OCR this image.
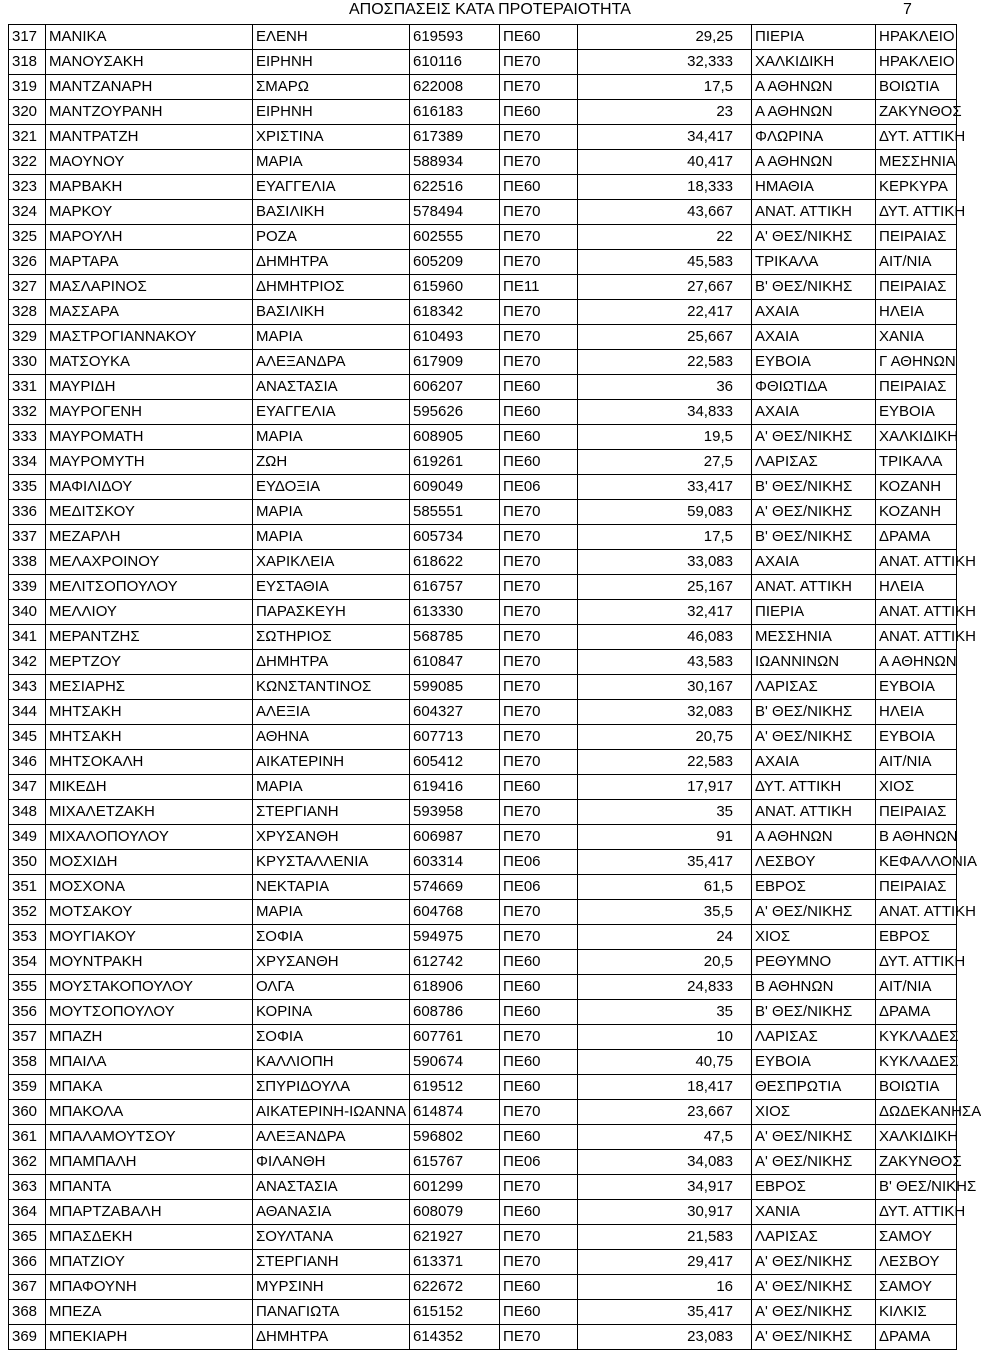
ΑΠΟΣΠΑΣΕΙΣ ΚΑΤΑ ΠΡΟΤΕΡΑΙΟΤΗΤΑ	7
317	ΜΑΝΙΚΑ	ΕΛΕΝΗ	619593	ΠΕ60	29,25	ΠΙΕΡΙΑ	ΗΡΑΚΛΕΙΟ
318	ΜΑΝΟΥΣΑΚΗ	ΕΙΡΗΝΗ	610116	ΠΕ70	32,333	ΧΑΛΚΙΔΙΚΗ	ΗΡΑΚΛΕΙΟ
319	ΜΑΝΤΖΑΝΑΡΗ	ΣΜΑΡΩ	622008	ΠΕ70	17,5	Α ΑΘΗΝΩΝ	ΒΟΙΩΤΙΑ
320	ΜΑΝΤΖΟΥΡΑΝΗ	ΕΙΡΗΝΗ	616183	ΠΕ60	23	Α ΑΘΗΝΩΝ	ΖΑΚΥΝΘΟΣ
321	ΜΑΝΤΡΑΤΖΗ	ΧΡΙΣΤΙΝΑ	617389	ΠΕ70	34,417	ΦΛΩΡΙΝΑ	ΔΥΤ. ΑΤΤΙΚΗ
322	ΜΑΟΥΝΟΥ	ΜΑΡΙΑ	588934	ΠΕ70	40,417	Α ΑΘΗΝΩΝ	ΜΕΣΣΗΝΙΑ
323	ΜΑΡΒΑΚΗ	ΕΥΑΓΓΕΛΙΑ	622516	ΠΕ60	18,333	ΗΜΑΘΙΑ	ΚΕΡΚΥΡΑ
324	ΜΑΡΚΟΥ	ΒΑΣΙΛΙΚΗ	578494	ΠΕ70	43,667	ΑΝΑΤ. ΑΤΤΙΚΗ	ΔΥΤ. ΑΤΤΙΚΗ
325	ΜΑΡΟΥΛΗ	ΡΟΖΑ	602555	ΠΕ70	22	Α' ΘΕΣ/ΝΙΚΗΣ	ΠΕΙΡΑΙΑΣ
326	ΜΑΡΤΑΡΑ	ΔΗΜΗΤΡΑ	605209	ΠΕ70	45,583	ΤΡΙΚΑΛΑ	ΑΙΤ/ΝΙΑ
327	ΜΑΣΛΑΡΙΝΟΣ	ΔΗΜΗΤΡΙΟΣ	615960	ΠΕ11	27,667	Β' ΘΕΣ/ΝΙΚΗΣ	ΠΕΙΡΑΙΑΣ
328	ΜΑΣΣΑΡΑ	ΒΑΣΙΛΙΚΗ	618342	ΠΕ70	22,417	ΑΧΑΙΑ	ΗΛΕΙΑ
329	ΜΑΣΤΡΟΓΙΑΝΝΑΚΟΥ	ΜΑΡΙΑ	610493	ΠΕ70	25,667	ΑΧΑΙΑ	ΧΑΝΙΑ
330	ΜΑΤΣΟΥΚΑ	ΑΛΕΞΑΝΔΡΑ	617909	ΠΕ70	22,583	ΕΥΒΟΙΑ	Γ ΑΘΗΝΩΝ
331	ΜΑΥΡΙΔΗ	ΑΝΑΣΤΑΣΙΑ	606207	ΠΕ60	36	ΦΘΙΩΤΙΔΑ	ΠΕΙΡΑΙΑΣ
332	ΜΑΥΡΟΓΕΝΗ	ΕΥΑΓΓΕΛΙΑ	595626	ΠΕ60	34,833	ΑΧΑΙΑ	ΕΥΒΟΙΑ
333	ΜΑΥΡΟΜΑΤΗ	ΜΑΡΙΑ	608905	ΠΕ60	19,5	Α' ΘΕΣ/ΝΙΚΗΣ	ΧΑΛΚΙΔΙΚΗ
334	ΜΑΥΡΟΜΥΤΗ	ΖΩΗ	619261	ΠΕ60	27,5	ΛΑΡΙΣΑΣ	ΤΡΙΚΑΛΑ
335	ΜΑΦΙΛΙΔΟΥ	ΕΥΔΟΞΙΑ	609049	ΠΕ06	33,417	Β' ΘΕΣ/ΝΙΚΗΣ	ΚΟΖΑΝΗ
336	ΜΕΔΙΤΣΚΟΥ	ΜΑΡΙΑ	585551	ΠΕ70	59,083	Α' ΘΕΣ/ΝΙΚΗΣ	ΚΟΖΑΝΗ
337	ΜΕΖΑΡΛΗ	ΜΑΡΙΑ	605734	ΠΕ70	17,5	Β' ΘΕΣ/ΝΙΚΗΣ	ΔΡΑΜΑ
338	ΜΕΛΑΧΡΟΙΝΟΥ	ΧΑΡΙΚΛΕΙΑ	618622	ΠΕ70	33,083	ΑΧΑΙΑ	ΑΝΑΤ. ΑΤΤΙΚΗ
339	ΜΕΛΙΤΣΟΠΟΥΛΟΥ	ΕΥΣΤΑΘΙΑ	616757	ΠΕ70	25,167	ΑΝΑΤ. ΑΤΤΙΚΗ	ΗΛΕΙΑ
340	ΜΕΛΛΙΟΥ	ΠΑΡΑΣΚΕΥΗ	613330	ΠΕ70	32,417	ΠΙΕΡΙΑ	ΑΝΑΤ. ΑΤΤΙΚΗ
341	ΜΕΡΑΝΤΖΗΣ	ΣΩΤΗΡΙΟΣ	568785	ΠΕ70	46,083	ΜΕΣΣΗΝΙΑ	ΑΝΑΤ. ΑΤΤΙΚΗ
342	ΜΕΡΤΖΟΥ	ΔΗΜΗΤΡΑ	610847	ΠΕ70	43,583	ΙΩΑΝΝΙΝΩΝ	Α ΑΘΗΝΩΝ
343	ΜΕΣΙΑΡΗΣ	ΚΩΝΣΤΑΝΤΙΝΟΣ	599085	ΠΕ70	30,167	ΛΑΡΙΣΑΣ	ΕΥΒΟΙΑ
344	ΜΗΤΣΑΚΗ	ΑΛΕΞΙΑ	604327	ΠΕ70	32,083	Β' ΘΕΣ/ΝΙΚΗΣ	ΗΛΕΙΑ
345	ΜΗΤΣΑΚΗ	ΑΘΗΝΑ	607713	ΠΕ70	20,75	Α' ΘΕΣ/ΝΙΚΗΣ	ΕΥΒΟΙΑ
346	ΜΗΤΣΟΚΑΛΗ	ΑΙΚΑΤΕΡΙΝΗ	605412	ΠΕ70	22,583	ΑΧΑΙΑ	ΑΙΤ/ΝΙΑ
347	ΜΙΚΕΔΗ	ΜΑΡΙΑ	619416	ΠΕ60	17,917	ΔΥΤ. ΑΤΤΙΚΗ	ΧΙΟΣ
348	ΜΙΧΑΛΕΤΖΑΚΗ	ΣΤΕΡΓΙΑΝΗ	593958	ΠΕ70	35	ΑΝΑΤ. ΑΤΤΙΚΗ	ΠΕΙΡΑΙΑΣ
349	ΜΙΧΑΛΟΠΟΥΛΟΥ	ΧΡΥΣΑΝΘΗ	606987	ΠΕ70	91	Α ΑΘΗΝΩΝ	Β ΑΘΗΝΩΝ
350	ΜΟΣΧΙΔΗ	ΚΡΥΣΤΑΛΛΕΝΙΑ	603314	ΠΕ06	35,417	ΛΕΣΒΟΥ	ΚΕΦΑΛΛΟΝΙΑ
351	ΜΟΣΧΟΝΑ	ΝΕΚΤΑΡΙΑ	574669	ΠΕ06	61,5	ΕΒΡΟΣ	ΠΕΙΡΑΙΑΣ
352	ΜΟΤΣΑΚΟΥ	ΜΑΡΙΑ	604768	ΠΕ70	35,5	Α' ΘΕΣ/ΝΙΚΗΣ	ΑΝΑΤ. ΑΤΤΙΚΗ
353	ΜΟΥΓΙΑΚΟΥ	ΣΟΦΙΑ	594975	ΠΕ70	24	ΧΙΟΣ	ΕΒΡΟΣ
354	ΜΟΥΝΤΡΑΚΗ	ΧΡΥΣΑΝΘΗ	612742	ΠΕ60	20,5	ΡΕΘΥΜΝΟ	ΔΥΤ. ΑΤΤΙΚΗ
355	ΜΟΥΣΤΑΚΟΠΟΥΛΟΥ	ΟΛΓΑ	618906	ΠΕ60	24,833	Β ΑΘΗΝΩΝ	ΑΙΤ/ΝΙΑ
356	ΜΟΥΤΣΟΠΟΥΛΟΥ	ΚΟΡΙΝΑ	608786	ΠΕ60	35	Β' ΘΕΣ/ΝΙΚΗΣ	ΔΡΑΜΑ
357	ΜΠΑΖΗ	ΣΟΦΙΑ	607761	ΠΕ70	10	ΛΑΡΙΣΑΣ	ΚΥΚΛΑΔΕΣ
358	ΜΠΑΙΛΑ	ΚΑΛΛΙΟΠΗ	590674	ΠΕ60	40,75	ΕΥΒΟΙΑ	ΚΥΚΛΑΔΕΣ
359	ΜΠΑΚΑ	ΣΠΥΡΙΔΟΥΛΑ	619512	ΠΕ60	18,417	ΘΕΣΠΡΩΤΙΑ	ΒΟΙΩΤΙΑ
360	ΜΠΑΚΟΛΑ	ΑΙΚΑΤΕΡΙΝΗ-ΙΩΑΝΝΑ	614874	ΠΕ70	23,667	ΧΙΟΣ	ΔΩΔΕΚΑΝΗΣΑ
361	ΜΠΑΛΑΜΟΥΤΣΟΥ	ΑΛΕΞΑΝΔΡΑ	596802	ΠΕ60	47,5	Α' ΘΕΣ/ΝΙΚΗΣ	ΧΑΛΚΙΔΙΚΗ
362	ΜΠΑΜΠΑΛΗ	ΦΙΛΑΝΘΗ	615767	ΠΕ06	34,083	Α' ΘΕΣ/ΝΙΚΗΣ	ΖΑΚΥΝΘΟΣ
363	ΜΠΑΝΤΑ	ΑΝΑΣΤΑΣΙΑ	601299	ΠΕ70	34,917	ΕΒΡΟΣ	Β' ΘΕΣ/ΝΙΚΗΣ
364	ΜΠΑΡΤΖΑΒΑΛΗ	ΑΘΑΝΑΣΙΑ	608079	ΠΕ60	30,917	ΧΑΝΙΑ	ΔΥΤ. ΑΤΤΙΚΗ
365	ΜΠΑΣΔΕΚΗ	ΣΟΥΛΤΑΝΑ	621927	ΠΕ70	21,583	ΛΑΡΙΣΑΣ	ΣΑΜΟΥ
366	ΜΠΑΤΖΙΟΥ	ΣΤΕΡΓΙΑΝΗ	613371	ΠΕ70	29,417	Α' ΘΕΣ/ΝΙΚΗΣ	ΛΕΣΒΟΥ
367	ΜΠΑΦΟΥΝΗ	ΜΥΡΣΙΝΗ	622672	ΠΕ60	16	Α' ΘΕΣ/ΝΙΚΗΣ	ΣΑΜΟΥ
368	ΜΠΕΖΑ	ΠΑΝΑΓΙΩΤΑ	615152	ΠΕ60	35,417	Α' ΘΕΣ/ΝΙΚΗΣ	ΚΙΛΚΙΣ
369	ΜΠΕΚΙΑΡΗ	ΔΗΜΗΤΡΑ	614352	ΠΕ70	23,083	Α' ΘΕΣ/ΝΙΚΗΣ	ΔΡΑΜΑ
